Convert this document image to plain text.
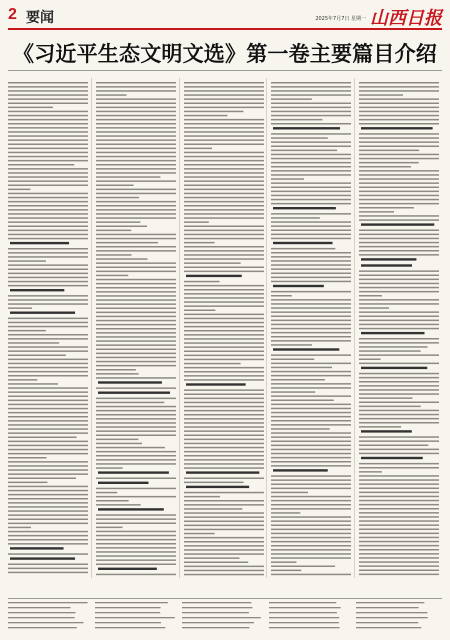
2 要闻	2025年7月7日 星期一 山西日报
《习近平生态文明文选》第一卷主要篇目介绍
